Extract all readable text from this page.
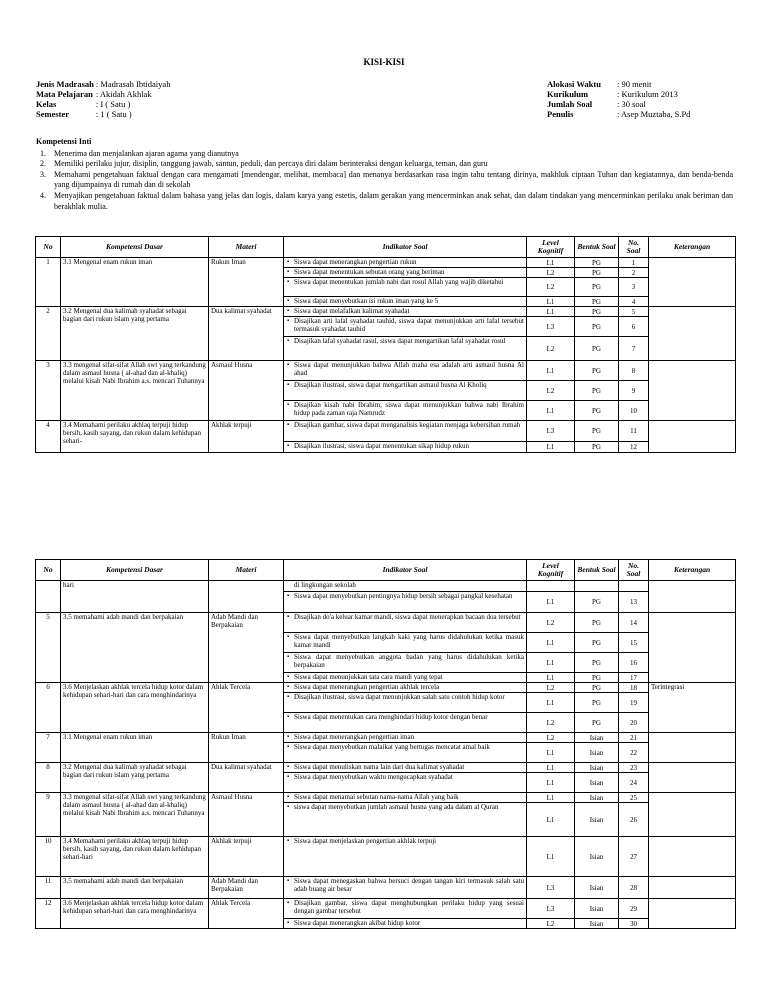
KISI-KISI
Jenis Madrasah	: Madrasah Ibtidaiyah
Mata Pelajaran	: Akidah Akhlak
Kelas	: I ( Satu )
Semester	: 1 ( Satu )
Alokasi Waktu	: 90 menit
Kurikulum	: Kurikulum 2013
Jumlah Soal	: 30 soal
Penulis	: Asep Muztaba, S.Pd
Kompetensi Inti
1. Menerima dan menjalankan ajaran agama yang dianutnya
2. Memiliki perilaku jujur, disiplin, tanggung jawab, santun, peduli, dan percaya diri dalam berinteraksi dengan keluarga, teman, dan guru
3. Memahami pengetahuan faktual dengan cara mengamati [mendengar, melihat, membaca] dan menanya berdasarkan rasa ingin tahu tentang dirinya, makhluk ciptaan Tuhan dan kegiatannya, dan benda-benda yang dijumpainya di rumah dan di sekolah
4. Menyajikan pengetahuan faktual dalam bahasa yang jelas dan logis, dalam karya yang estetis, dalam gerakan yang mencerminkan anak sehat, dan dalam tindakan yang mencerminkan perilaku anak beriman dan berakhlak mulia.
No	Kompetensi Dasar	Materi	Indikator Soal	Level Kognitif	Bentuk Soal	No. Soal	Keterangan
1	3.1 Mengenal enam rukun iman	Rukun Iman	▪ Siswa dapat menerangkan pengertian rukun	L1	PG	1	
			▪ Siswa dapat menentukan sebutan orang yang beriman	L2	PG	2	
			▪ Siswa dapat menentukan jumlah nabi dan rosul Allah yang wajib diketahui	L2	PG	3	
			▪ Siswa dapat menyebutkan isi rukun iman yang ke 5	L1	PG	4	
2	3.2 Mengenal dua kalimah syahadat sebagai bagian dari rukun islam yang pertama	Dua kalimat syahadat	▪ Siswa dapat melafalkan kalimat syahadat	L1	PG	5	
			▪ Disajikan arti lafal syahadat tauhid, siswa dapat menunjukkan arti lafal tersebut termasuk syahadat tauhid	L3	PG	6	
			▪ Disajikan lafal syahadat rasul, siswa dapat mengartikan lafal syahadat rosul	L2	PG	7	
3	3.3 mengenal sifat-sifat Allah swt yang terkandung dalam asmaul husna ( al-ahad dan al-khaliq) melalui kisah Nabi Ibrahim a.s. mencari Tuhannya	Asmaul Husna	▪ Siswa dapat menunjukkan bahwa Allah maha esa adalah arti asmaul husna Al ahad	L1	PG	8	
			▪ Disajikan ilustrasi, siswa dapat mengartikan asmaul husna Al Kholiq	L2	PG	9	
			▪ Disajikan kisah nabi Ibrahim, siswa dapat menunjukkan bahwa nabi Ibrahim hidup pada zaman raja Namrudz	L1	PG	10	
4	3.4 Memahami perilaku akhlaq terpuji hidup bersih, kasih sayang, dan rukun dalam kehidupan sehari-	Akhlak terpuji	▪ Disajikan gambar, siswa dapat menganalisis kegiatan menjaga kebersihan rumah	L3	PG	11	
			▪ Disajikan ilustrasi, siswa dapat menentukan sikap hidup rukun	L1	PG	12	
No	Kompetensi Dasar	Materi	Indikator Soal	Level Kognitif	Bentuk Soal	No. Soal	Keterangan
	hari		di lingkungan sekolah				
			▪ Siswa dapat menyebutkan pentingnya hidup bersih sebagai pangkal kesehatan	L1	PG	13	
5	3.5 memahami adab mandi dan berpakaian	Adab Mandi dan Berpakaian	▪ Disajikan do'a keluar kamar mandi, siswa dapat menerapkan bacaan doa tersebut	L2	PG	14	
			▪ Siswa dapat menyebutkan langkah kaki yang harus didahulukan ketika masuk kamar mandi	L1	PG	15	
			▪ Siswa dapat menyebutkan anggota badan yang harus didahulukan ketika berpakaian	L1	PG	16	
			▪ Siswa dapat menunjukkan tata cara mandi yang tepat	L1	PG	17	
6	3.6 Menjelaskan akhlak tercela hidup kotor dalam kehidupan sehari-hari dan cara menghindarinya	Ahlak Tercela	▪ Siswa dapat menerangkan pengertian akhlak tercela	L2	PG	18	Terintegrasi
			▪ Disajikan ilustrasi, siswa dapat menunjukkan salah satu contoh hidup kotor	L1	PG	19	
			▪ Siswa dapat menentukan cara menghindari hidup kotor dengan benar	L2	PG	20	
7	3.1 Mengenal enam rukun iman	Rukun Iman	▪ Siswa dapat menerangkan pengertian iman	L2	Isian	21	
			▪ Siswa dapat menyebutkan malaikat yang bertugas mencatat amal baik	L1	Isian	22	
8	3.2 Mengenal dua kalimah syahadat sebagai bagian dari rukun islam yang pertama	Dua kalimat syahadat	▪ Siswa dapat menuliskan nama lain dari dua kalimat syahadat	L1	Isian	23	
			▪ Siswa dapat menyebutkan waktu mengucapkan syahadat	L1	Isian	24	
9	3.3 mengenal sifat-sifat Allah swt yang terkandung dalam asmaul husna ( al-ahad dan al-khaliq) melalui kisah Nabi Ibrahim a.s. mencari Tuhannya	Asmaul Husna	▪ Siswa dapat menamai sebutan nama-nama Allah yang baik	L1	Isian	25	
			▪ siswa dapat menyebutkan jumlah asmaul husna yang ada dalam al Quran	L1	Isian	26	
10	3.4 Memahami perilaku akhlaq terpuji hidup bersih, kasih sayang, dan rukun dalam kehidupan sehari-hari	Akhlak terpuji	▪ Siswa dapat menjelaskan pengertian akhlak terpuji	L1	Isian	27	
11	3.5 memahami adab mandi dan berpakaian	Adab Mandi dan Berpakaian	▪ Siswa dapat menegaskan bahwa bersuci dengan tangan kiri termasuk salah satu adab buang air besar	L3	Isian	28	
12	3.6 Menjelaskan akhlak tercela hidup kotor dalam kehidupan sehari-hari dan cara menghindarinya	Ahlak Tercela	▪ Disajikan gambar, siswa dapat menghubungkan perilaku hidup yang sesuai dengan gambar tersebut	L3	Isian	29	
			▪ Siswa dapat menerangkan akibat hidup kotor	L2	Isian	30	
